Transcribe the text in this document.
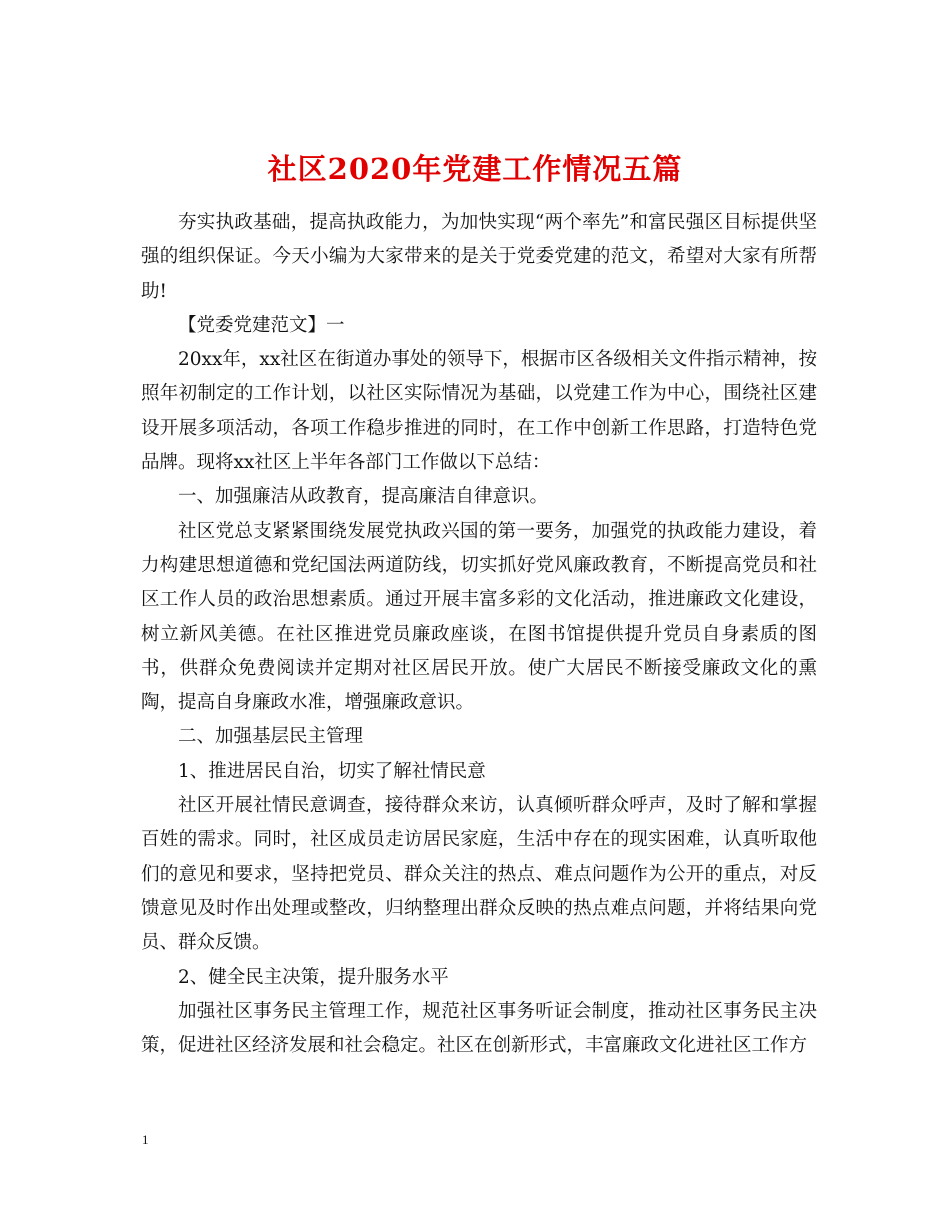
社区2020年党建工作情况五篇

夯实执政基础，提高执政能力，为加快实现“两个率先”和富民强区目标提供坚强的组织保证。今天小编为大家带来的是关于党委党建的范文，希望对大家有所帮助!

【党委党建范文】一

20xx年，xx社区在街道办事处的领导下，根据市区各级相关文件指示精神，按照年初制定的工作计划，以社区实际情况为基础，以党建工作为中心，围绕社区建设开展多项活动，各项工作稳步推进的同时，在工作中创新工作思路，打造特色党品牌。现将xx社区上半年各部门工作做以下总结：

一、加强廉洁从政教育，提高廉洁自律意识。

社区党总支紧紧围绕发展党执政兴国的第一要务，加强党的执政能力建设，着力构建思想道德和党纪国法两道防线，切实抓好党风廉政教育，不断提高党员和社区工作人员的政治思想素质。通过开展丰富多彩的文化活动，推进廉政文化建设，树立新风美德。在社区推进党员廉政座谈，在图书馆提供提升党员自身素质的图书，供群众免费阅读并定期对社区居民开放。使广大居民不断接受廉政文化的熏陶，提高自身廉政水准，增强廉政意识。

二、加强基层民主管理

1、推进居民自治，切实了解社情民意

社区开展社情民意调查，接待群众来访，认真倾听群众呼声，及时了解和掌握百姓的需求。同时，社区成员走访居民家庭，生活中存在的现实困难，认真听取他们的意见和要求，坚持把党员、群众关注的热点、难点问题作为公开的重点，对反馈意见及时作出处理或整改，归纳整理出群众反映的热点难点问题，并将结果向党员、群众反馈。

2、健全民主决策，提升服务水平

加强社区事务民主管理工作，规范社区事务听证会制度，推动社区事务民主决策，促进社区经济发展和社会稳定。社区在创新形式，丰富廉政文化进社区工作方

1
